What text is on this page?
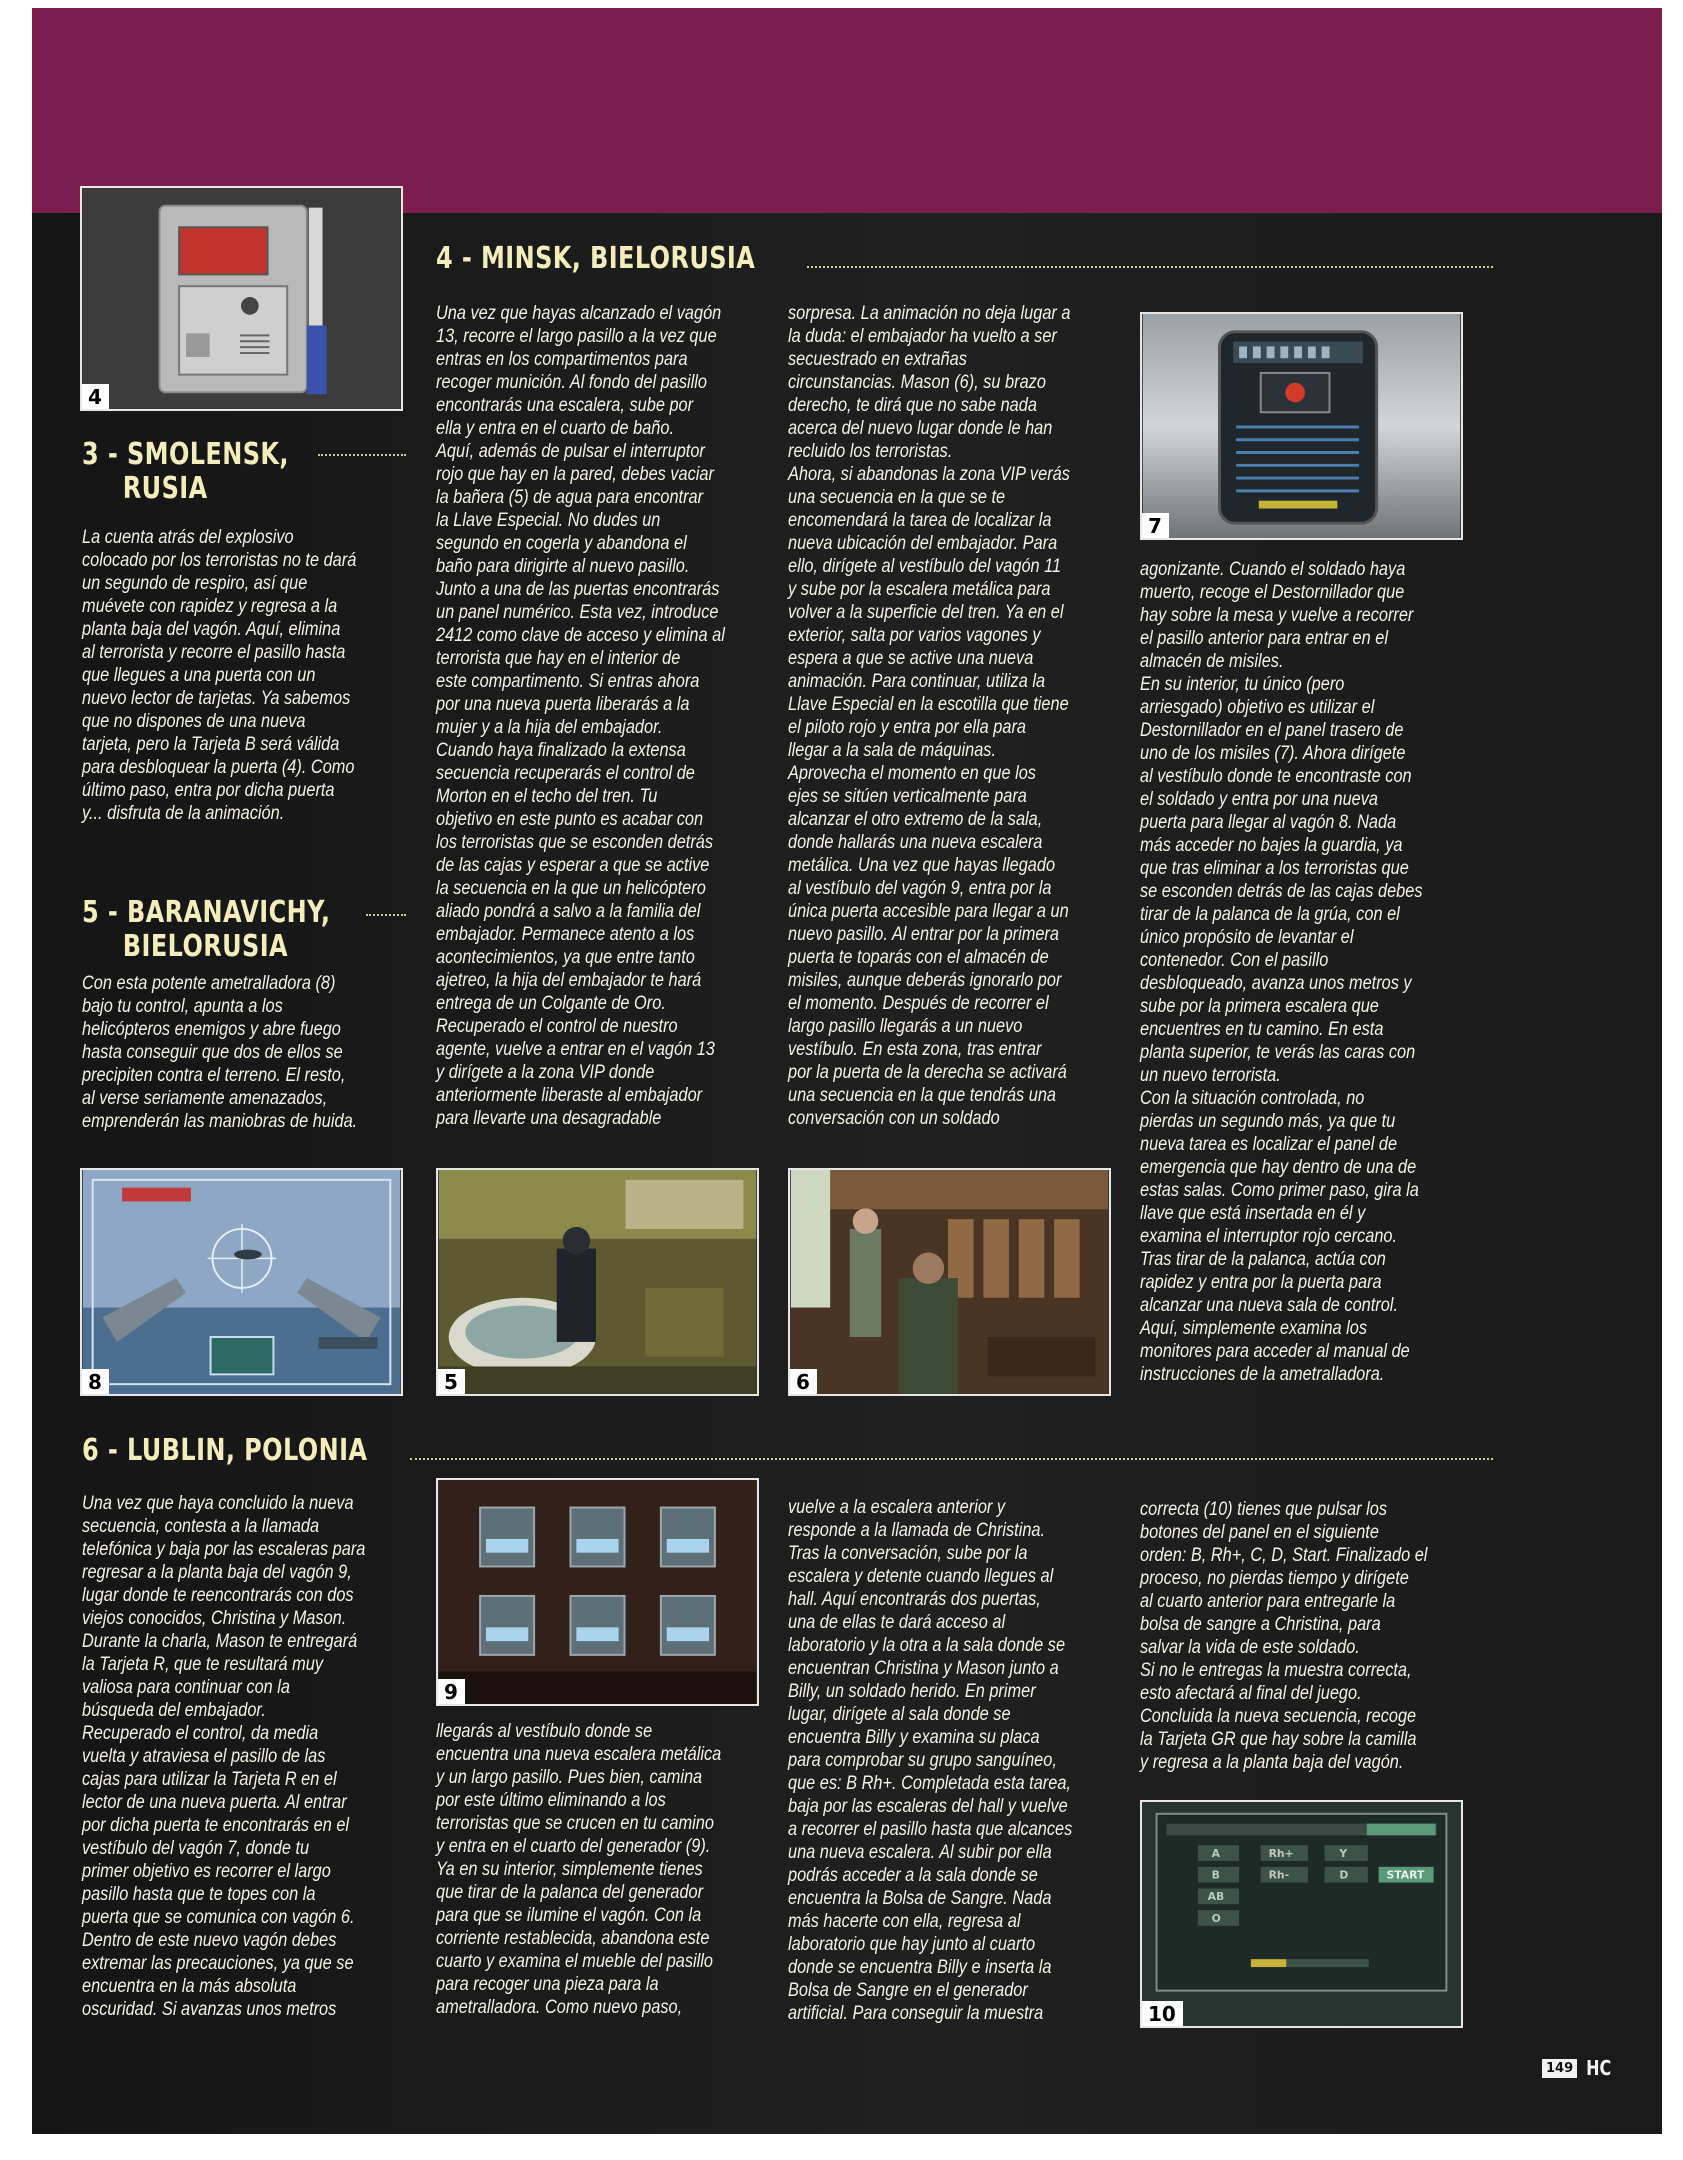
4
3 - SMOLENSK,
RUSIA

La cuenta atrás del explosivo
colocado por los terroristas no te dará
un segundo de respiro, así que
muévete con rapidez y regresa a la
planta baja del vagón. Aquí, elimina
al terrorista y recorre el pasillo hasta
que llegues a una puerta con un
nuevo lector de tarjetas. Ya sabemos
que no dispones de una nueva
tarjeta, pero la Tarjeta B será válida
para desbloquear la puerta (4). Como
último paso, entra por dicha puerta
y... disfruta de la animación.

5 - BARANAVICHY,
BIELORUSIA

Con esta potente ametralladora (8)
bajo tu control, apunta a los
helicópteros enemigos y abre fuego
hasta conseguir que dos de ellos se
precipiten contra el terreno. El resto,
al verse seriamente amenazados,
emprenderán las maniobras de huida.

4 - MINSK, BIELORUSIA

Una vez que hayas alcanzado el vagón
13, recorre el largo pasillo a la vez que
entras en los compartimentos para
recoger munición. Al fondo del pasillo
encontrarás una escalera, sube por
ella y entra en el cuarto de baño.
Aquí, además de pulsar el interruptor
rojo que hay en la pared, debes vaciar
la bañera (5) de agua para encontrar
la Llave Especial. No dudes un
segundo en cogerla y abandona el
baño para dirigirte al nuevo pasillo.
Junto a una de las puertas encontrarás
un panel numérico. Esta vez, introduce
2412 como clave de acceso y elimina al
terrorista que hay en el interior de
este compartimento. Si entras ahora
por una nueva puerta liberarás a la
mujer y a la hija del embajador.
Cuando haya finalizado la extensa
secuencia recuperarás el control de
Morton en el techo del tren. Tu
objetivo en este punto es acabar con
los terroristas que se esconden detrás
de las cajas y esperar a que se active
la secuencia en la que un helicóptero
aliado pondrá a salvo a la familia del
embajador. Permanece atento a los
acontecimientos, ya que entre tanto
ajetreo, la hija del embajador te hará
entrega de un Colgante de Oro.
Recuperado el control de nuestro
agente, vuelve a entrar en el vagón 13
y dirígete a la zona VIP donde
anteriormente liberaste al embajador
para llevarte una desagradable

sorpresa. La animación no deja lugar a
la duda: el embajador ha vuelto a ser
secuestrado en extrañas
circunstancias. Mason (6), su brazo
derecho, te dirá que no sabe nada
acerca del nuevo lugar donde le han
recluido los terroristas.
Ahora, si abandonas la zona VIP verás
una secuencia en la que se te
encomendará la tarea de localizar la
nueva ubicación del embajador. Para
ello, dirígete al vestíbulo del vagón 11
y sube por la escalera metálica para
volver a la superficie del tren. Ya en el
exterior, salta por varios vagones y
espera a que se active una nueva
animación. Para continuar, utiliza la
Llave Especial en la escotilla que tiene
el piloto rojo y entra por ella para
llegar a la sala de máquinas.
Aprovecha el momento en que los
ejes se sitúen verticalmente para
alcanzar el otro extremo de la sala,
donde hallarás una nueva escalera
metálica. Una vez que hayas llegado
al vestíbulo del vagón 9, entra por la
única puerta accesible para llegar a un
nuevo pasillo. Al entrar por la primera
puerta te toparás con el almacén de
misiles, aunque deberás ignorarlo por
el momento. Después de recorrer el
largo pasillo llegarás a un nuevo
vestíbulo. En esta zona, tras entrar
por la puerta de la derecha se activará
una secuencia en la que tendrás una
conversación con un soldado

agonizante. Cuando el soldado haya
muerto, recoge el Destornillador que
hay sobre la mesa y vuelve a recorrer
el pasillo anterior para entrar en el
almacén de misiles.
En su interior, tu único (pero
arriesgado) objetivo es utilizar el
Destornillador en el panel trasero de
uno de los misiles (7). Ahora dirígete
al vestíbulo donde te encontraste con
el soldado y entra por una nueva
puerta para llegar al vagón 8. Nada
más acceder no bajes la guardia, ya
que tras eliminar a los terroristas que
se esconden detrás de las cajas debes
tirar de la palanca de la grúa, con el
único propósito de levantar el
contenedor. Con el pasillo
desbloqueado, avanza unos metros y
sube por la primera escalera que
encuentres en tu camino. En esta
planta superior, te verás las caras con
un nuevo terrorista.
Con la situación controlada, no
pierdas un segundo más, ya que tu
nueva tarea es localizar el panel de
emergencia que hay dentro de una de
estas salas. Como primer paso, gira la
llave que está insertada en él y
examina el interruptor rojo cercano.
Tras tirar de la palanca, actúa con
rapidez y entra por la puerta para
alcanzar una nueva sala de control.
Aquí, simplemente examina los
monitores para acceder al manual de
instrucciones de la ametralladora.

7
8	5	6
6 - LUBLIN, POLONIA

Una vez que haya concluido la nueva
secuencia, contesta a la llamada
telefónica y baja por las escaleras para
regresar a la planta baja del vagón 9,
lugar donde te reencontrarás con dos
viejos conocidos, Christina y Mason.
Durante la charla, Mason te entregará
la Tarjeta R, que te resultará muy
valiosa para continuar con la
búsqueda del embajador.
Recuperado el control, da media
vuelta y atraviesa el pasillo de las
cajas para utilizar la Tarjeta R en el
lector de una nueva puerta. Al entrar
por dicha puerta te encontrarás en el
vestíbulo del vagón 7, donde tu
primer objetivo es recorrer el largo
pasillo hasta que te topes con la
puerta que se comunica con vagón 6.
Dentro de este nuevo vagón debes
extremar las precauciones, ya que se
encuentra en la más absoluta
oscuridad. Si avanzas unos metros

llegarás al vestíbulo donde se
encuentra una nueva escalera metálica
y un largo pasillo. Pues bien, camina
por este último eliminando a los
terroristas que se crucen en tu camino
y entra en el cuarto del generador (9).
Ya en su interior, simplemente tienes
que tirar de la palanca del generador
para que se ilumine el vagón. Con la
corriente restablecida, abandona este
cuarto y examina el mueble del pasillo
para recoger una pieza para la
ametralladora. Como nuevo paso,

vuelve a la escalera anterior y
responde a la llamada de Christina.
Tras la conversación, sube por la
escalera y detente cuando llegues al
hall. Aquí encontrarás dos puertas,
una de ellas te dará acceso al
laboratorio y la otra a la sala donde se
encuentran Christina y Mason junto a
Billy, un soldado herido. En primer
lugar, dirígete al sala donde se
encuentra Billy y examina su placa
para comprobar su grupo sanguíneo,
que es: B Rh+. Completada esta tarea,
baja por las escaleras del hall y vuelve
a recorrer el pasillo hasta que alcances
una nueva escalera. Al subir por ella
podrás acceder a la sala donde se
encuentra la Bolsa de Sangre. Nada
más hacerte con ella, regresa al
laboratorio que hay junto al cuarto
donde se encuentra Billy e inserta la
Bolsa de Sangre en el generador
artificial. Para conseguir la muestra

correcta (10) tienes que pulsar los
botones del panel en el siguiente
orden: B, Rh+, C, D, Start. Finalizado el
proceso, no pierdas tiempo y dirígete
al cuarto anterior para entregarle la
bolsa de sangre a Christina, para
salvar la vida de este soldado.
Si no le entregas la muestra correcta,
esto afectará al final del juego.
Concluida la nueva secuencia, recoge
la Tarjeta GR que hay sobre la camilla
y regresa a la planta baja del vagón.

9
A
B
AB
O
Rh+
Rh-
Y
D	START
10
149 HC
